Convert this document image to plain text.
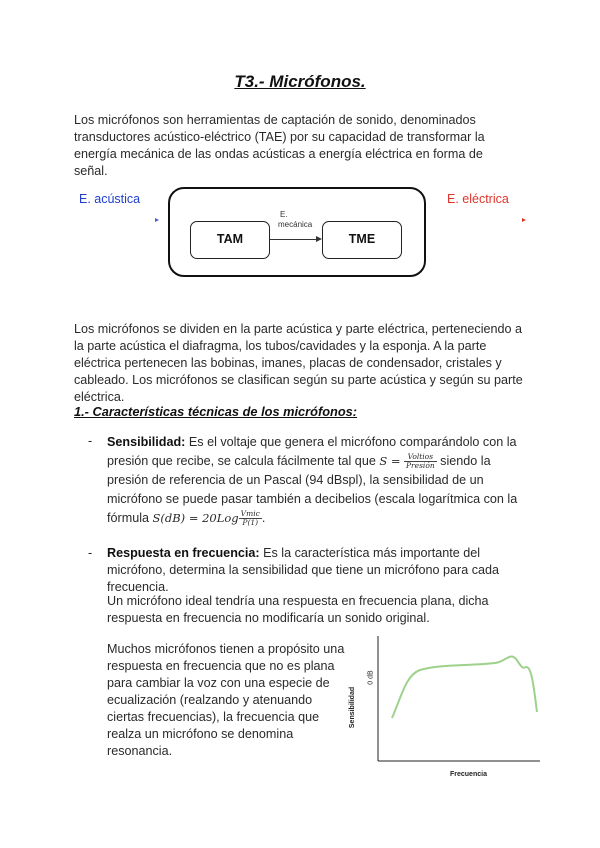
T3.- Micrófonos.
Los micrófonos son herramientas de captación de sonido, denominados transductores acústico-eléctrico (TAE) por su capacidad de transformar la energía mecánica de las ondas acústicas a energía eléctrica en forma de señal.
E. acústica	E. eléctrica
TAM	TME
E.
mecánica
Los micrófonos se dividen en la parte acústica y parte eléctrica, perteneciendo a la parte acústica el diafragma, los tubos/cavidades y la esponja. A la parte eléctrica pertenecen las bobinas, imanes, placas de condensador, cristales y cableado. Los micrófonos se clasifican según su parte acústica y según su parte eléctrica.
1.- Características técnicas de los micrófonos:
- Sensibilidad: Es el voltaje que genera el micrófono comparándolo con la presión que recibe, se calcula fácilmente tal que $S = \frac{\text{Voltios}}{\text{Presión}}$ siendo la presión de referencia de un Pascal (94 dBspl), la sensibilidad de un micrófono se puede pasar también a decibelios (escala logarítmica con la fórmula $S(dB) = 20Log \frac{\text{Vmic}}{P(1)}$ .
- Respuesta en frecuencia: Es la característica más importante del micrófono, determina la sensibilidad que tiene un micrófono para cada frecuencia.
Un micrófono ideal tendría una respuesta en frecuencia plana, dicha respuesta en frecuencia no modificaría un sonido original.
Muchos micrófonos tienen a propósito una respuesta en frecuencia que no es plana para cambiar la voz con una especie de ecualización (realzando y atenuando ciertas frecuencias), la frecuencia que realza un micrófono se denomina resonancia.
Sensibilidad
Frecuencia
0 dB
